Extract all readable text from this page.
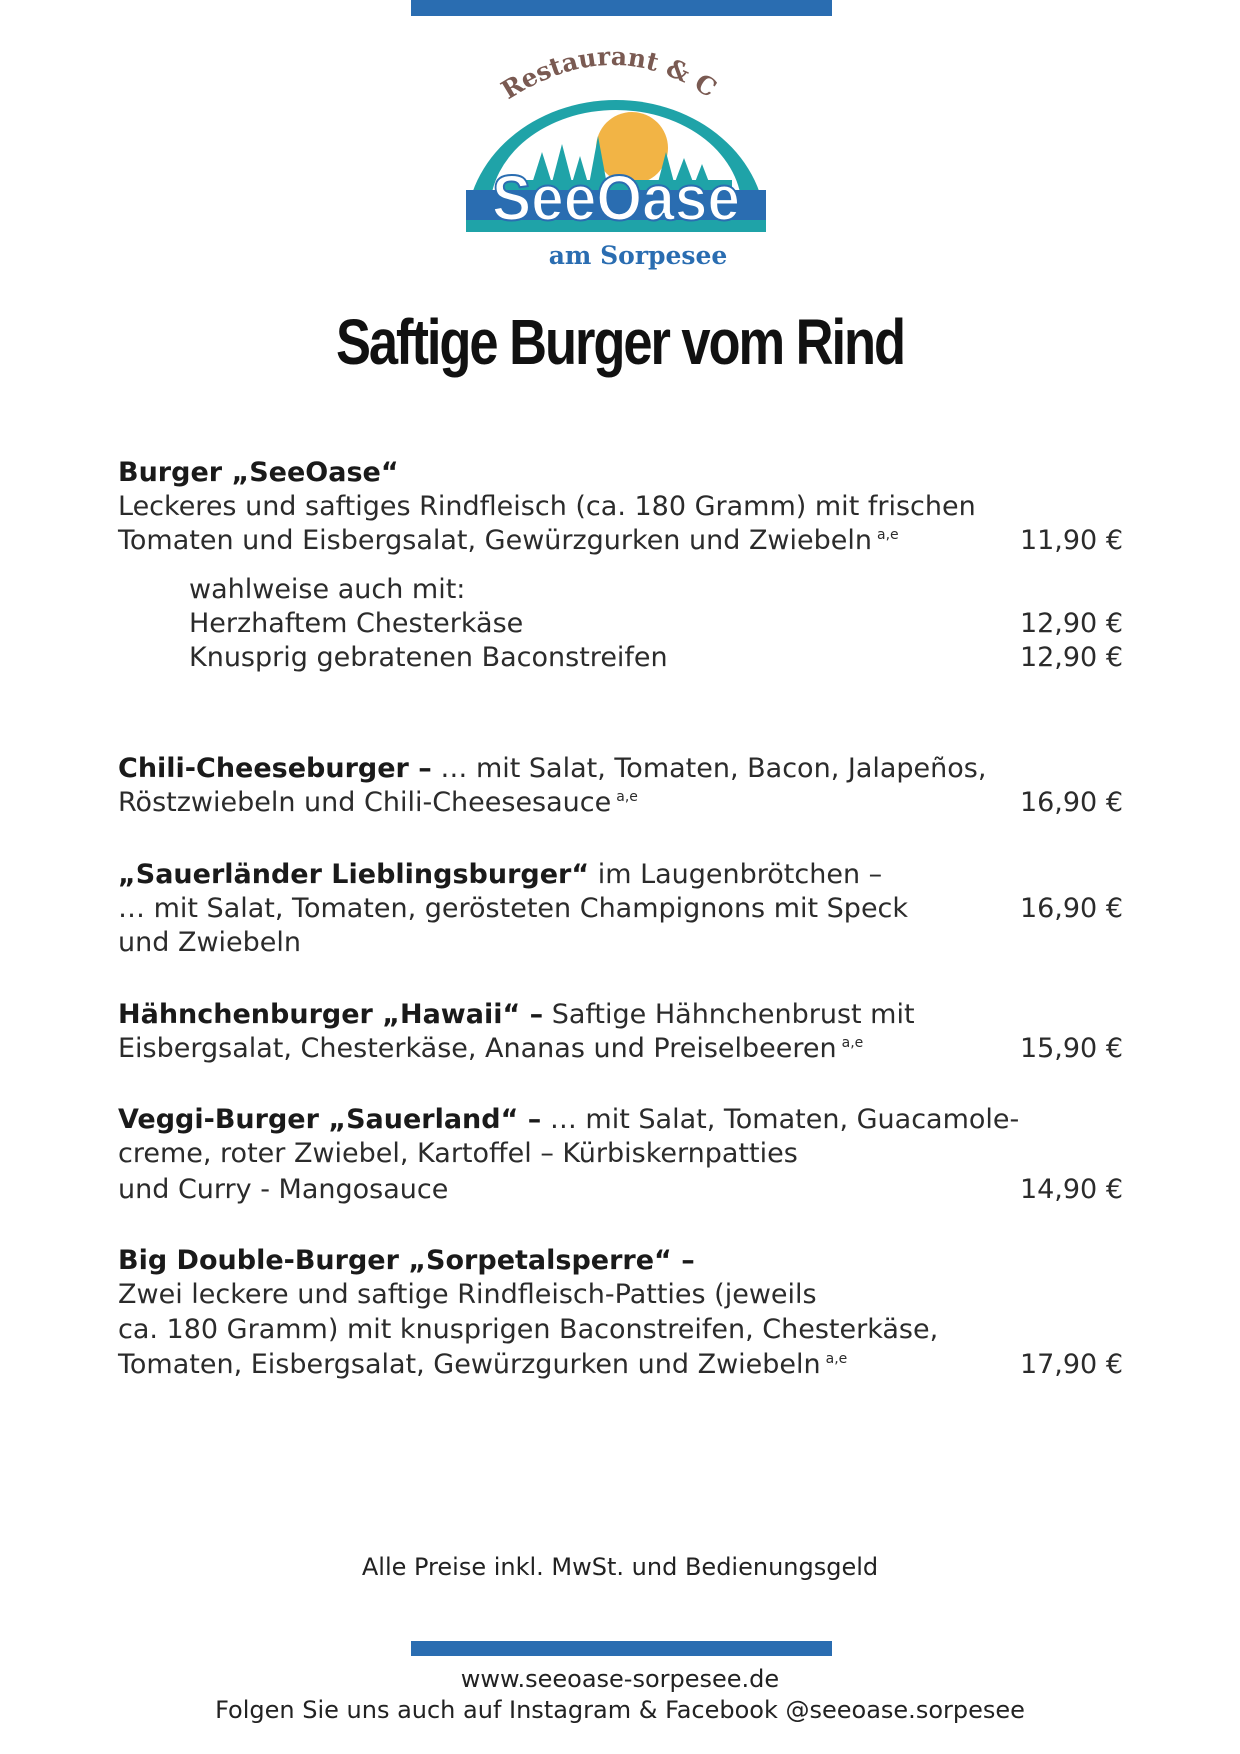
Restaurant & C
SeeOase
am Sorpesee
Saftige Burger vom Rind
Burger „SeeOase“
Leckeres und saftiges Rindfleisch (ca. 180 Gramm) mit frischen
Tomaten und Eisbergsalat, Gewürzgurken und Zwiebeln $^{a,e}$	11,90 €
wahlweise auch mit:
Herzhaftem Chesterkäse	12,90 €
Knusprig gebratenen Baconstreifen	12,90 €
Chili-Cheeseburger – … mit Salat, Tomaten, Bacon, Jalapeños,
Röstzwiebeln und Chili-Cheesesauce $^{a,e}$	16,90 €
„Sauerländer Lieblingsburger“ im Laugenbrötchen –
… mit Salat, Tomaten, gerösteten Champignons mit Speck	16,90 €
und Zwiebeln
Hähnchenburger „Hawaii“ – Saftige Hähnchenbrust mit
Eisbergsalat, Chesterkäse, Ananas und Preiselbeeren $^{a,e}$	15,90 €
Veggi-Burger „Sauerland“ – … mit Salat, Tomaten, Guacamole-
creme, roter Zwiebel, Kartoffel – Kürbiskernpatties
und Curry - Mangosauce	14,90 €
Big Double-Burger „Sorpetalsperre“ –
Zwei leckere und saftige Rindfleisch-Patties (jeweils
ca. 180 Gramm) mit knusprigen Baconstreifen, Chesterkäse,
Tomaten, Eisbergsalat, Gewürzgurken und Zwiebeln $^{a,e}$	17,90 €
Alle Preise inkl. MwSt. und Bedienungsgeld
www.seeoase-sorpesee.de
Folgen Sie uns auch auf Instagram & Facebook @seeoase.sorpesee
